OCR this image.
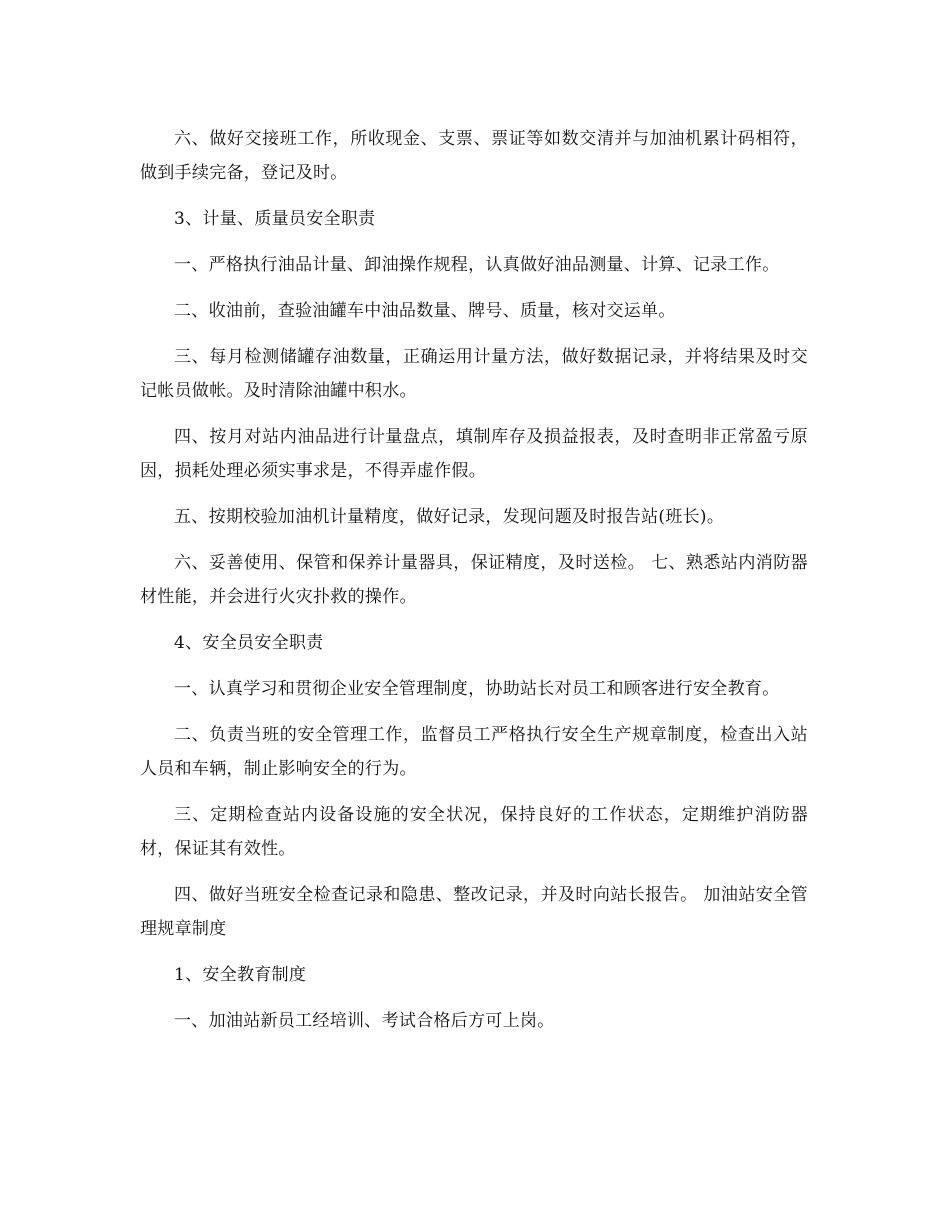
六、做好交接班工作，所收现金、支票、票证等如数交清并与加油机累计码相符，做到手续完备，登记及时。

3、计量、质量员安全职责

一、严格执行油品计量、卸油操作规程，认真做好油品测量、计算、记录工作。

二、收油前，查验油罐车中油品数量、牌号、质量，核对交运单。

三、每月检测储罐存油数量，正确运用计量方法，做好数据记录，并将结果及时交记帐员做帐。及时清除油罐中积水。

四、按月对站内油品进行计量盘点，填制库存及损益报表，及时查明非正常盈亏原因，损耗处理必须实事求是，不得弄虚作假。

五、按期校验加油机计量精度，做好记录，发现问题及时报告站(班长)。

六、妥善使用、保管和保养计量器具，保证精度，及时送检。 七、熟悉站内消防器材性能，并会进行火灾扑救的操作。

4、安全员安全职责

一、认真学习和贯彻企业安全管理制度，协助站长对员工和顾客进行安全教育。

二、负责当班的安全管理工作，监督员工严格执行安全生产规章制度，检查出入站人员和车辆，制止影响安全的行为。

三、定期检查站内设备设施的安全状况，保持良好的工作状态，定期维护消防器材，保证其有效性。

四、做好当班安全检查记录和隐患、整改记录，并及时向站长报告。 加油站安全管理规章制度

1、安全教育制度

一、加油站新员工经培训、考试合格后方可上岗。
